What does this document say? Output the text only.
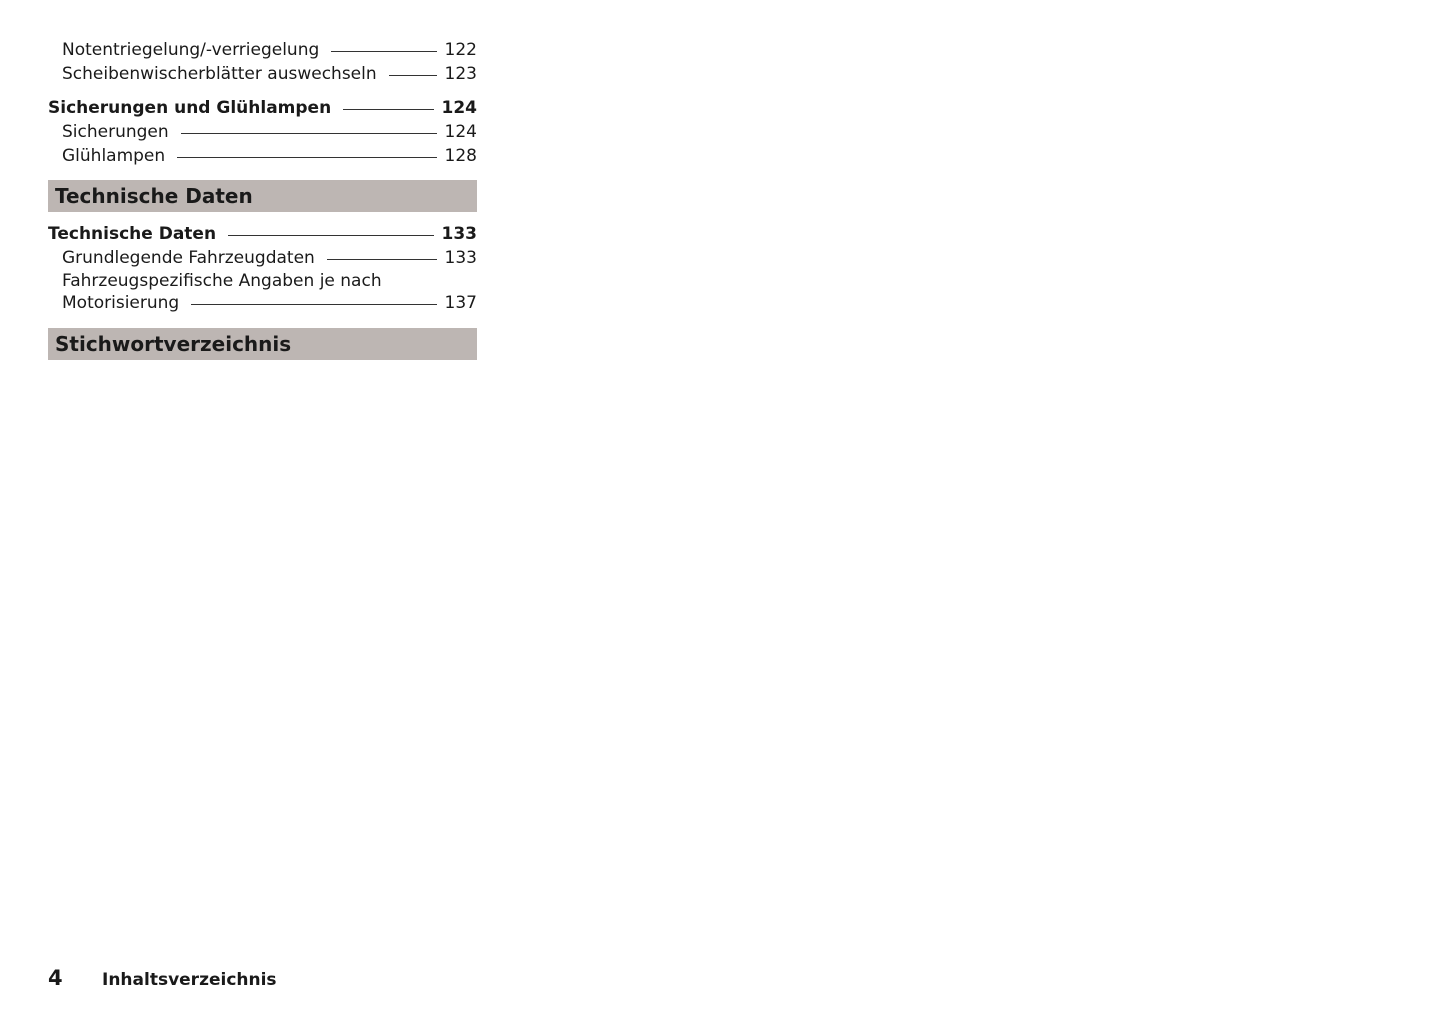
Notentriegelung/-verriegelung	122
Scheibenwischerblätter auswechseln	123
Sicherungen und Glühlampen	124
Sicherungen	124
Glühlampen	128
Technische Daten
Technische Daten	133
Grundlegende Fahrzeugdaten	133
Fahrzeugspezifische Angaben je nach
Motorisierung	137
Stichwortverzeichnis
4	Inhaltsverzeichnis
